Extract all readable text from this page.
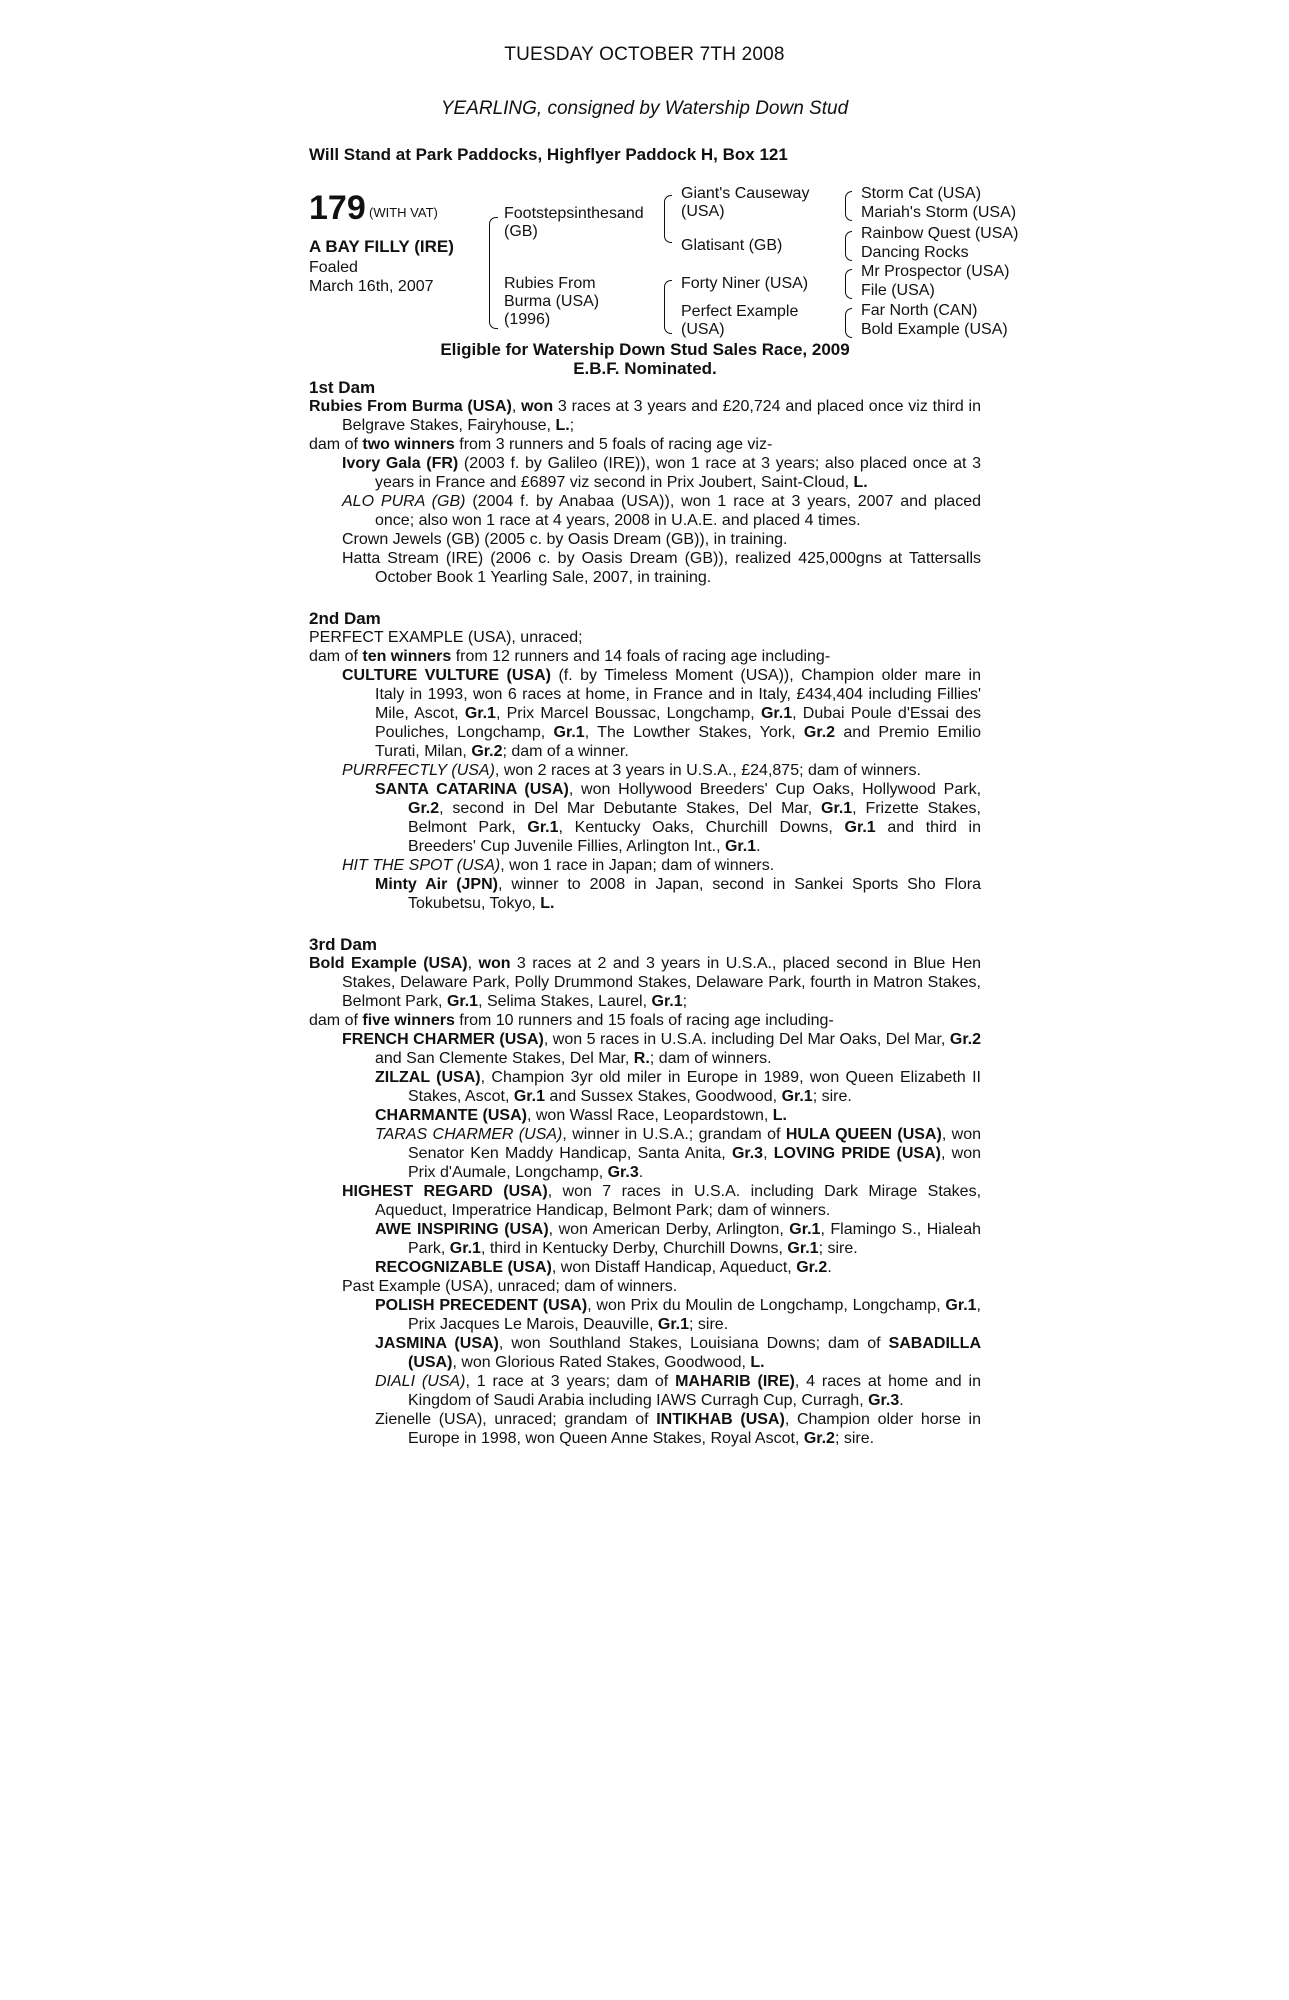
TUESDAY OCTOBER 7TH 2008
YEARLING, consigned by Watership Down Stud
Will Stand at Park Paddocks, Highflyer Paddock H, Box 121
179 (WITH VAT)
A BAY FILLY (IRE)
Foaled
March 16th, 2007
Footstepsinthesand (GB)
Rubies From Burma (USA) (1996)
Giant's Causeway (USA)
Glatisant (GB)
Forty Niner (USA)
Perfect Example (USA)
Storm Cat (USA)
Mariah's Storm (USA)
Rainbow Quest (USA)
Dancing Rocks
Mr Prospector (USA)
File (USA)
Far North (CAN)
Bold Example (USA)
Eligible for Watership Down Stud Sales Race, 2009
E.B.F. Nominated.
1st Dam

Rubies From Burma (USA), won 3 races at 3 years and £20,724 and placed once viz third in Belgrave Stakes, Fairyhouse, L.;

dam of two winners from 3 runners and 5 foals of racing age viz-

Ivory Gala (FR) (2003 f. by Galileo (IRE)), won 1 race at 3 years; also placed once at 3 years in France and £6897 viz second in Prix Joubert, Saint-Cloud, L.

ALO PURA (GB) (2004 f. by Anabaa (USA)), won 1 race at 3 years, 2007 and placed once; also won 1 race at 4 years, 2008 in U.A.E. and placed 4 times.

Crown Jewels (GB) (2005 c. by Oasis Dream (GB)), in training.

Hatta Stream (IRE) (2006 c. by Oasis Dream (GB)), realized 425,000gns at Tattersalls October Book 1 Yearling Sale, 2007, in training.

2nd Dam

PERFECT EXAMPLE (USA), unraced;

dam of ten winners from 12 runners and 14 foals of racing age including-

CULTURE VULTURE (USA) (f. by Timeless Moment (USA)), Champion older mare in Italy in 1993, won 6 races at home, in France and in Italy, £434,404 including Fillies' Mile, Ascot, Gr.1, Prix Marcel Boussac, Longchamp, Gr.1, Dubai Poule d'Essai des Pouliches, Longchamp, Gr.1, The Lowther Stakes, York, Gr.2 and Premio Emilio Turati, Milan, Gr.2; dam of a winner.

PURRFECTLY (USA), won 2 races at 3 years in U.S.A., £24,875; dam of winners.

SANTA CATARINA (USA), won Hollywood Breeders' Cup Oaks, Hollywood Park, Gr.2, second in Del Mar Debutante Stakes, Del Mar, Gr.1, Frizette Stakes, Belmont Park, Gr.1, Kentucky Oaks, Churchill Downs, Gr.1 and third in Breeders' Cup Juvenile Fillies, Arlington Int., Gr.1.

HIT THE SPOT (USA), won 1 race in Japan; dam of winners.

Minty Air (JPN), winner to 2008 in Japan, second in Sankei Sports Sho Flora Tokubetsu, Tokyo, L.

3rd Dam

Bold Example (USA), won 3 races at 2 and 3 years in U.S.A., placed second in Blue Hen Stakes, Delaware Park, Polly Drummond Stakes, Delaware Park, fourth in Matron Stakes, Belmont Park, Gr.1, Selima Stakes, Laurel, Gr.1;

dam of five winners from 10 runners and 15 foals of racing age including-

FRENCH CHARMER (USA), won 5 races in U.S.A. including Del Mar Oaks, Del Mar, Gr.2 and San Clemente Stakes, Del Mar, R.; dam of winners.

ZILZAL (USA), Champion 3yr old miler in Europe in 1989, won Queen Elizabeth II Stakes, Ascot, Gr.1 and Sussex Stakes, Goodwood, Gr.1; sire.

CHARMANTE (USA), won Wassl Race, Leopardstown, L.

TARAS CHARMER (USA), winner in U.S.A.; grandam of HULA QUEEN (USA), won Senator Ken Maddy Handicap, Santa Anita, Gr.3, LOVING PRIDE (USA), won Prix d'Aumale, Longchamp, Gr.3.

HIGHEST REGARD (USA), won 7 races in U.S.A. including Dark Mirage Stakes, Aqueduct, Imperatrice Handicap, Belmont Park; dam of winners.

AWE INSPIRING (USA), won American Derby, Arlington, Gr.1, Flamingo S., Hialeah Park, Gr.1, third in Kentucky Derby, Churchill Downs, Gr.1; sire.

RECOGNIZABLE (USA), won Distaff Handicap, Aqueduct, Gr.2.

Past Example (USA), unraced; dam of winners.

POLISH PRECEDENT (USA), won Prix du Moulin de Longchamp, Longchamp, Gr.1, Prix Jacques Le Marois, Deauville, Gr.1; sire.

JASMINA (USA), won Southland Stakes, Louisiana Downs; dam of SABADILLA (USA), won Glorious Rated Stakes, Goodwood, L.

DIALI (USA), 1 race at 3 years; dam of MAHARIB (IRE), 4 races at home and in Kingdom of Saudi Arabia including IAWS Curragh Cup, Curragh, Gr.3.

Zienelle (USA), unraced; grandam of INTIKHAB (USA), Champion older horse in Europe in 1998, won Queen Anne Stakes, Royal Ascot, Gr.2; sire.
